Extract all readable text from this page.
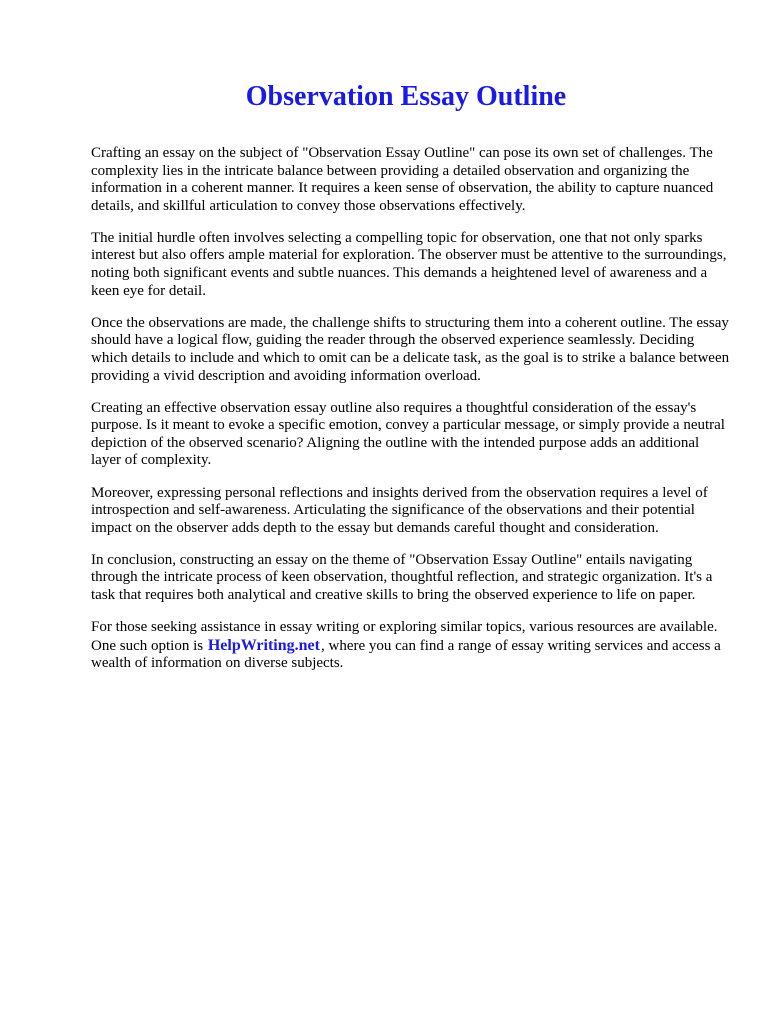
Observation Essay Outline

Crafting an essay on the subject of "Observation Essay Outline" can pose its own set of challenges. The complexity lies in the intricate balance between providing a detailed observation and organizing the information in a coherent manner. It requires a keen sense of observation, the ability to capture nuanced details, and skillful articulation to convey those observations effectively.

The initial hurdle often involves selecting a compelling topic for observation, one that not only sparks interest but also offers ample material for exploration. The observer must be attentive to the surroundings, noting both significant events and subtle nuances. This demands a heightened level of awareness and a keen eye for detail.

Once the observations are made, the challenge shifts to structuring them into a coherent outline. The essay should have a logical flow, guiding the reader through the observed experience seamlessly. Deciding which details to include and which to omit can be a delicate task, as the goal is to strike a balance between providing a vivid description and avoiding information overload.

Creating an effective observation essay outline also requires a thoughtful consideration of the essay's purpose. Is it meant to evoke a specific emotion, convey a particular message, or simply provide a neutral depiction of the observed scenario? Aligning the outline with the intended purpose adds an additional layer of complexity.

Moreover, expressing personal reflections and insights derived from the observation requires a level of introspection and self-awareness. Articulating the significance of the observations and their potential impact on the observer adds depth to the essay but demands careful thought and consideration.

In conclusion, constructing an essay on the theme of "Observation Essay Outline" entails navigating through the intricate process of keen observation, thoughtful reflection, and strategic organization. It's a task that requires both analytical and creative skills to bring the observed experience to life on paper.

For those seeking assistance in essay writing or exploring similar topics, various resources are available. One such option is HelpWriting.net, where you can find a range of essay writing services and access a wealth of information on diverse subjects.
